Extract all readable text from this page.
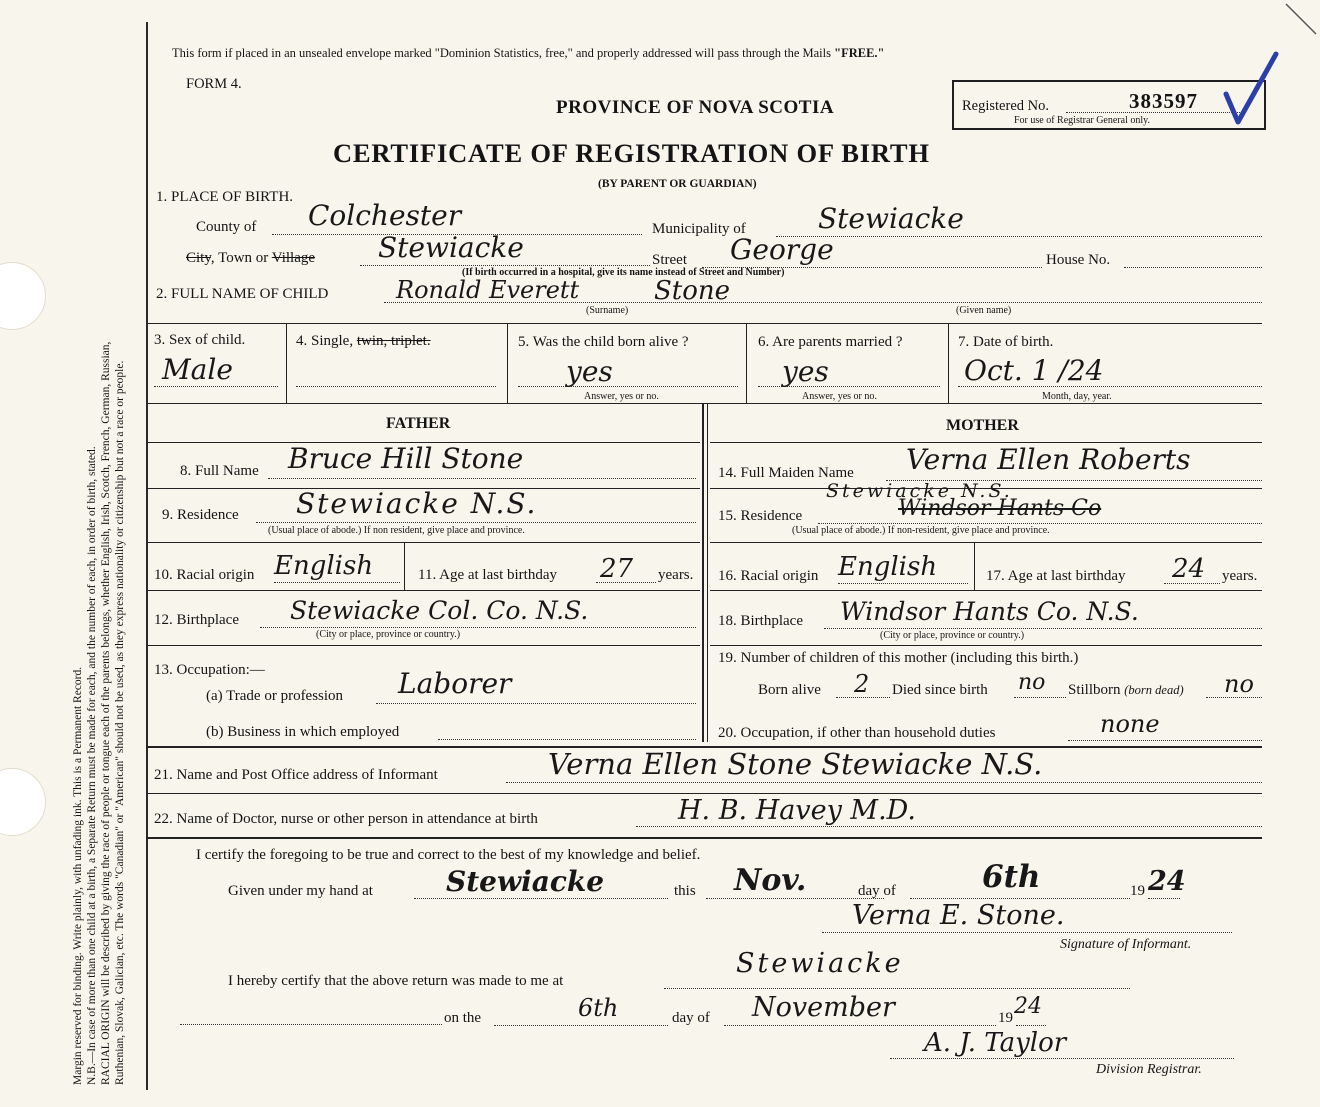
Margin reserved for binding. Write plainly, with unfading ink. This is a Permanent Record. N.B.—In case of more than one child at a birth, a Separate Return must be made for each, and the number of each, in order of birth, stated. RACIAL ORIGIN will be described by giving the race of people or tongue each of the parents belongs, whether English, Irish, Scotch, French, German, Russian, Ruthenian, Slovak, Galician, etc. The words "Canadian" or "American" should not be used, as they express nationality or citizenship but not a race or people.
This form if placed in an unsealed envelope marked "Dominion Statistics, free," and properly addressed will pass through the Mails "FREE."
FORM 4.
PROVINCE OF NOVA SCOTIA
CERTIFICATE OF REGISTRATION OF BIRTH
(BY PARENT OR GUARDIAN)
Registered No.	383597
For use of Registrar General only.
1. PLACE OF BIRTH.
County of Colchester	Municipality of	Stewiacke
City, Town or Village Stewiacke	Street George	House No.
(If birth occurred in a hospital, give its name instead of Street and Number)
2. FULL NAME OF CHILD	Ronald Everett	Stone
(Surname)	(Given name)
3. Sex of child.
Male
4. Single, twin, triplet.	5. Was the child born alive ?
yes
Answer, yes or no.
6. Are parents married ?
yes
Answer, yes or no.
7. Date of birth.
Oct. 1 /24
Month, day, year.
FATHER	MOTHER
8. Full Name Bruce Hill Stone
9. Residence Stewiacke N.S.
(Usual place of abode.) If non resident, give place and province.
10. Racial origin English	11. Age at last birthday 27 years.
12. Birthplace Stewiacke Col. Co. N.S.
(City or place, province or country.)
13. Occupation:—
(a) Trade or profession Laborer
(b) Business in which employed
14. Full Maiden Name Verna Ellen Roberts
15. Residence
Stewiacke N.S.
Windsor Hants Co
(Usual place of abode.) If non-resident, give place and province.
16. Racial origin English	17. Age at last birthday 24 years.
18. Birthplace Windsor Hants Co. N.S.
(City or place, province or country.)
19. Number of children of this mother (including this birth.)
Born alive 2 Died since birth no Stillborn (born dead) no
20. Occupation, if other than household duties	none
21. Name and Post Office address of Informant	Verna Ellen Stone Stewiacke N.S.
22. Name of Doctor, nurse or other person in attendance at birth	H. B. Havey M.D.
I certify the foregoing to be true and correct to the best of my knowledge and belief.
Given under my hand at	Stewiacke	this Nov.	day of	6th	19 24
Verna E. Stone.
Signature of Informant.
I hereby certify that the above return was made to me at
Stewiacke
on the	6th	day of November	19 24
A. J. Taylor
Division Registrar.
